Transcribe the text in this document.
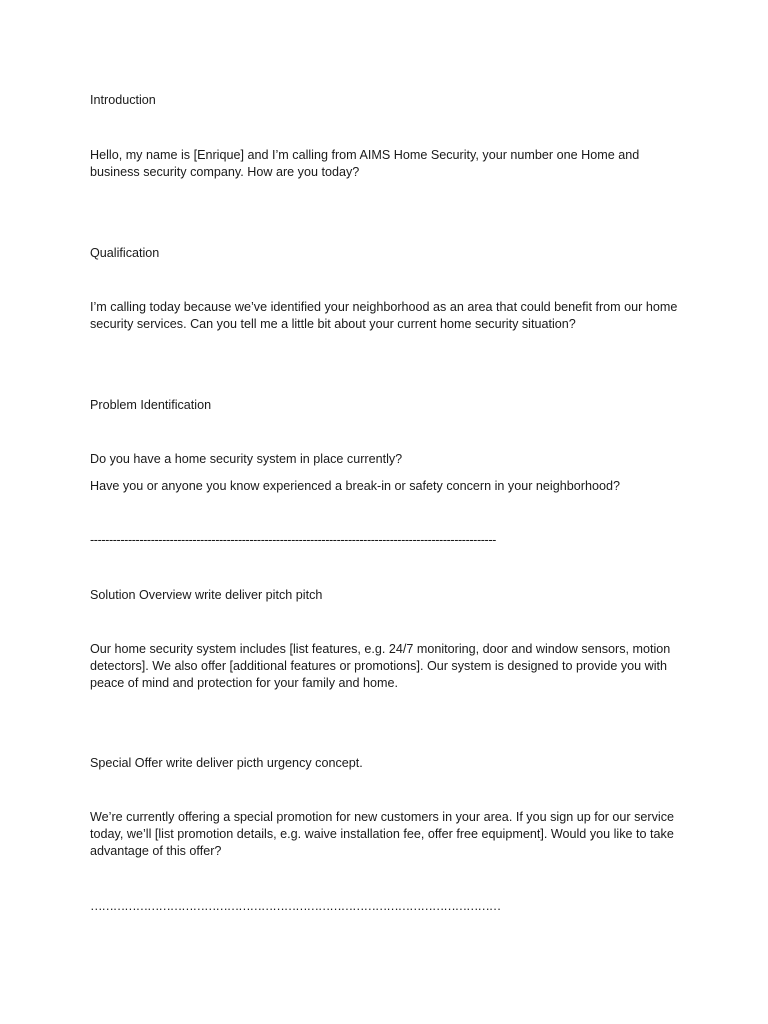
Introduction
Hello, my name is [Enrique] and I’m calling from AIMS Home Security, your number one Home and business security company. How are you today?
Qualification
I’m calling today because we’ve identified your neighborhood as an area that could benefit from our home security services. Can you tell me a little bit about your current home security situation?
Problem Identification
Do you have a home security system in place currently?
Have you or anyone you know experienced a break-in or safety concern in your neighborhood?
-----------------------------------------------------------------------------------------------------------
Solution Overview write deliver pitch pitch
Our home security system includes [list features, e.g. 24/7 monitoring, door and window sensors, motion detectors]. We also offer [additional features or promotions]. Our system is designed to provide you with peace of mind and protection for your family and home.
Special Offer write deliver picth urgency concept.
We’re currently offering a special promotion for new customers in your area. If you sign up for our service today, we’ll [list promotion details, e.g. waive installation fee, offer free equipment]. Would you like to take advantage of this offer?
………………………………………………………………………………………………
